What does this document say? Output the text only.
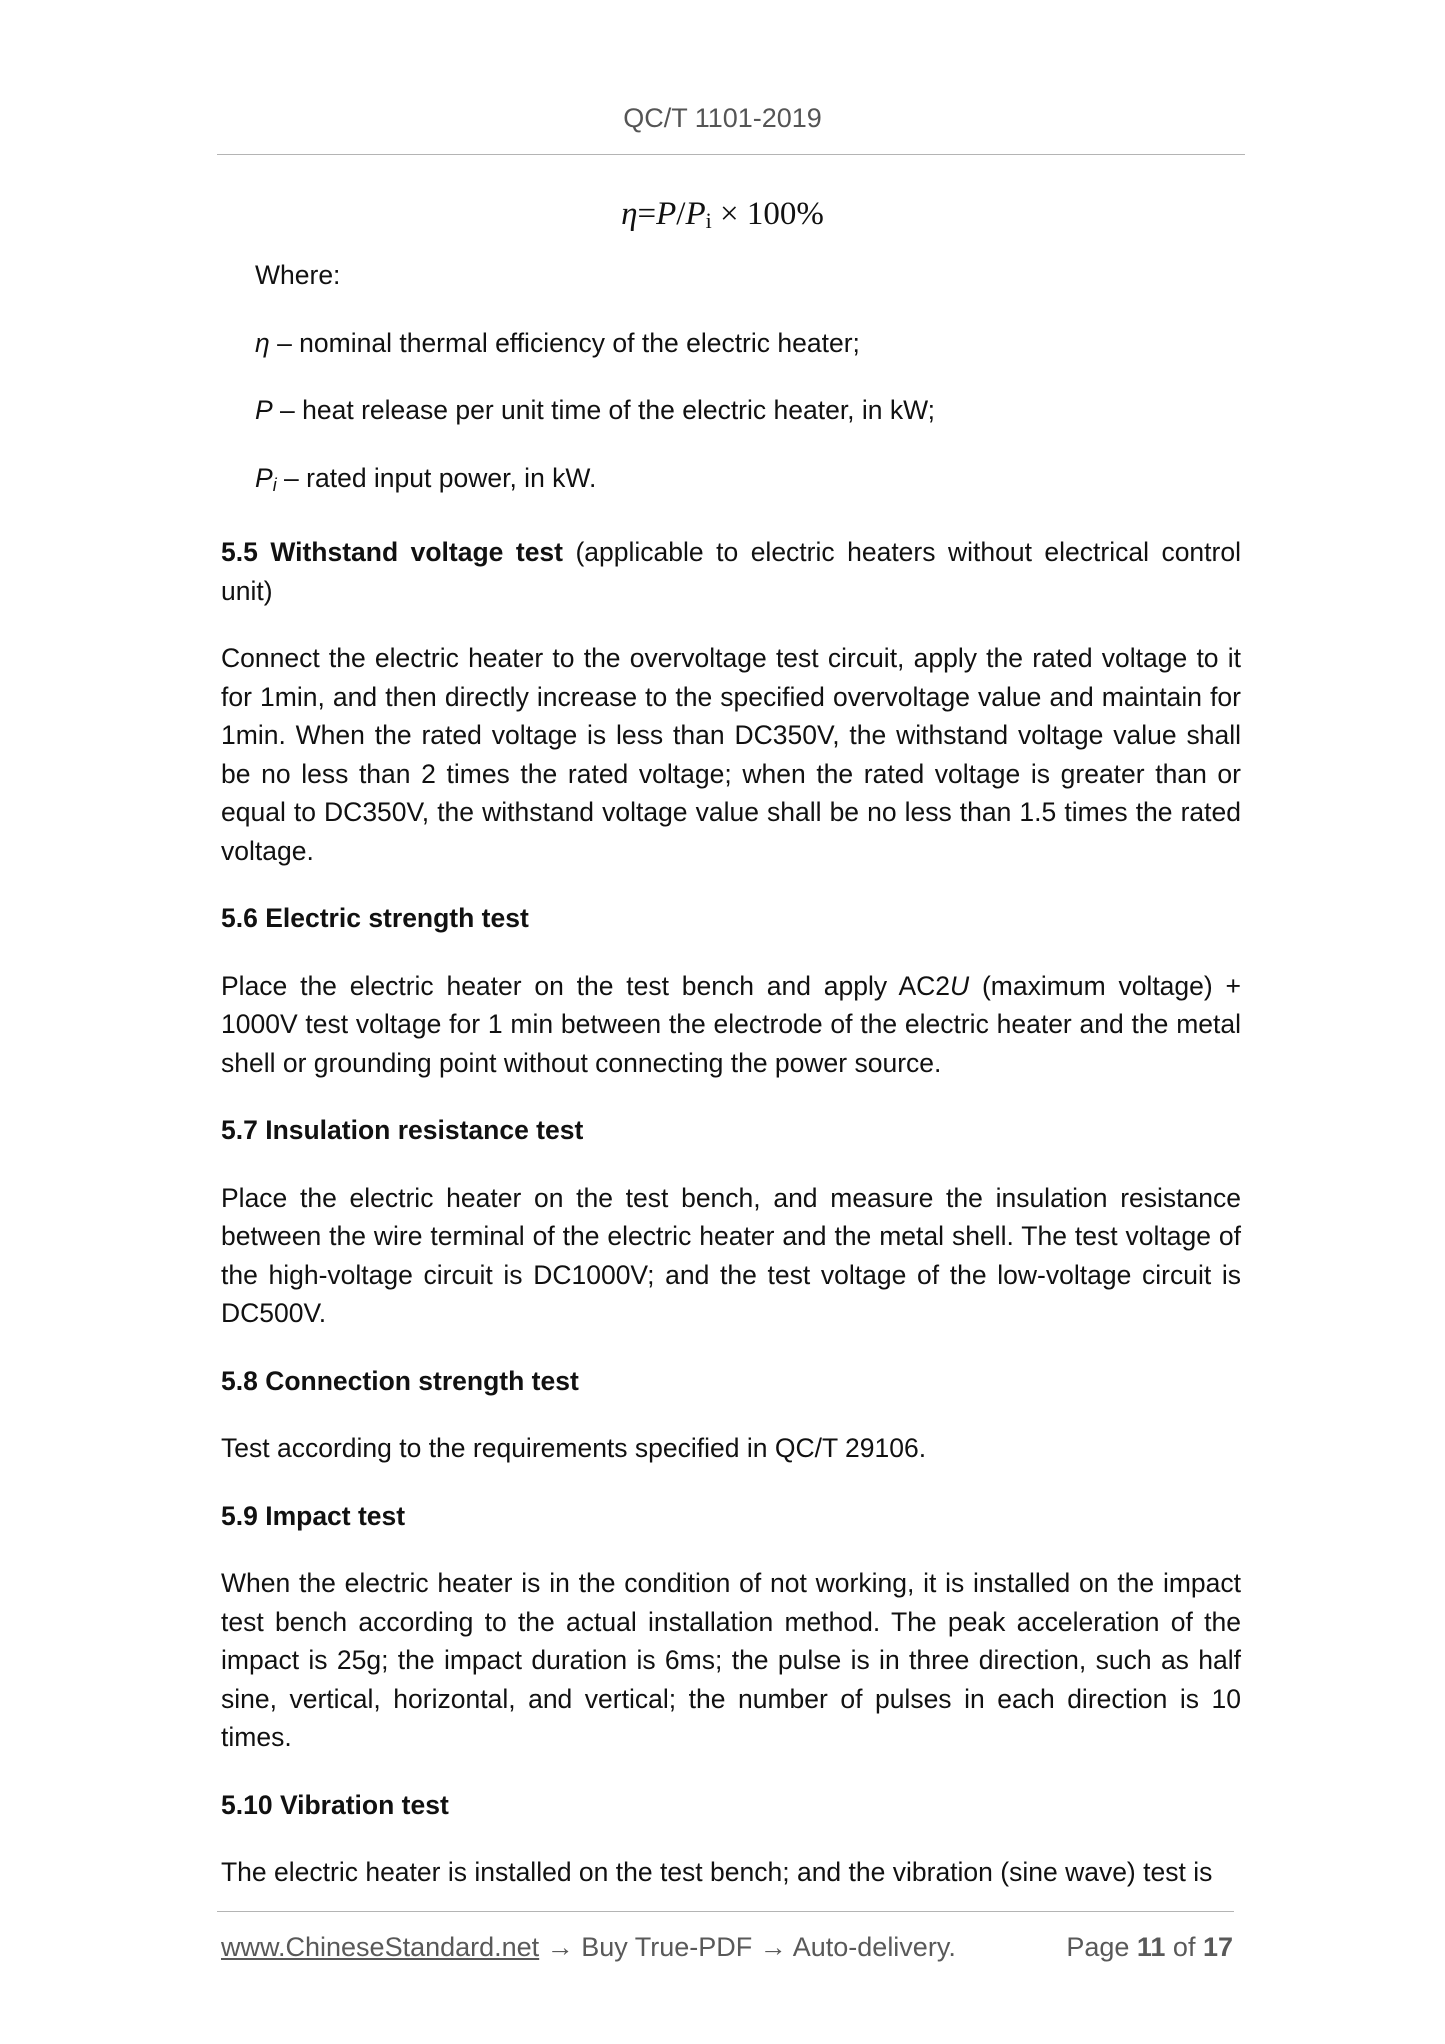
QC/T 1101-2019
$\eta=P/P_i \times 100\%$

Where:

η – nominal thermal efficiency of the electric heater;

P – heat release per unit time of the electric heater, in kW;

$P_i$ – rated input power, in kW.

5.5 Withstand voltage test (applicable to electric heaters without electrical control unit)

Connect the electric heater to the overvoltage test circuit, apply the rated voltage to it for 1min, and then directly increase to the specified overvoltage value and maintain for 1min. When the rated voltage is less than DC350V, the withstand voltage value shall be no less than 2 times the rated voltage; when the rated voltage is greater than or equal to DC350V, the withstand voltage value shall be no less than 1.5 times the rated voltage.

5.6 Electric strength test

Place the electric heater on the test bench and apply AC2U (maximum voltage) + 1000V test voltage for 1 min between the electrode of the electric heater and the metal shell or grounding point without connecting the power source.

5.7 Insulation resistance test

Place the electric heater on the test bench, and measure the insulation resistance between the wire terminal of the electric heater and the metal shell. The test voltage of the high-voltage circuit is DC1000V; and the test voltage of the low-voltage circuit is DC500V.

5.8 Connection strength test

Test according to the requirements specified in QC/T 29106.

5.9 Impact test

When the electric heater is in the condition of not working, it is installed on the impact test bench according to the actual installation method. The peak acceleration of the impact is 25g; the impact duration is 6ms; the pulse is in three direction, such as half sine, vertical, horizontal, and vertical; the number of pulses in each direction is 10 times.

5.10 Vibration test

The electric heater is installed on the test bench; and the vibration (sine wave) test is

www.ChineseStandard.net → Buy True-PDF → Auto-delivery.	Page 11 of 17
